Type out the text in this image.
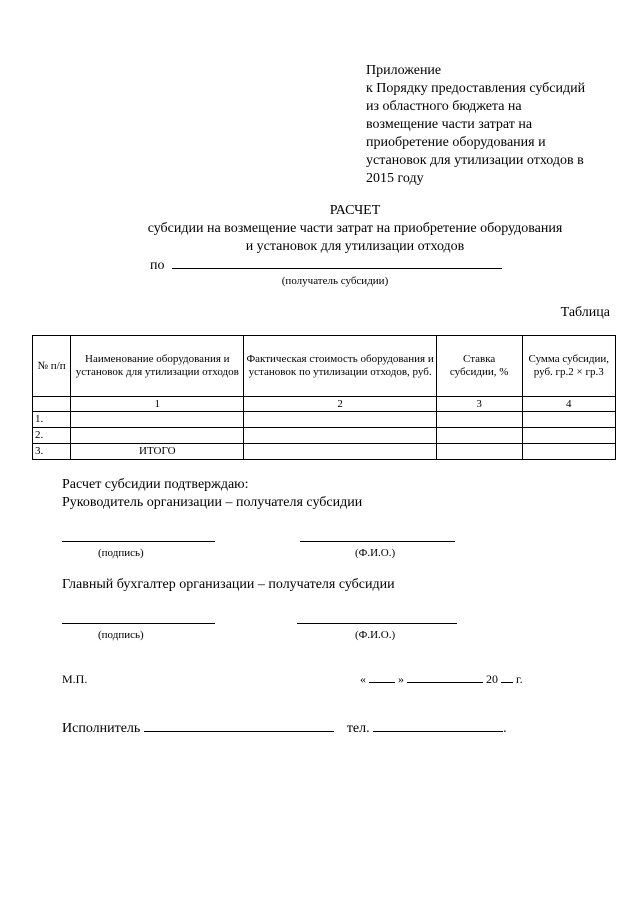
Приложение
к Порядку предоставления субсидий
из областного бюджета на
возмещение части затрат на
приобретение оборудования и
установок для утилизации отходов в
2015 году
РАСЧЕТ
субсидии на возмещение части затрат на приобретение оборудования
и установок для утилизации отходов
по
(получатель субсидии)
Таблица
№ п/п	Наименование оборудования и установок для утилизации отходов	Фактическая стоимость оборудования и установок по утилизации отходов, руб.	Ставка субсидии, %	Сумма субсидии, руб. гр.2 × гр.3
	1	2	3	4
1.				
2.				
3.	ИТОГО			
Расчет субсидии подтверждаю:
Руководитель организации – получателя субсидии
(подпись)	(Ф.И.О.)
Главный бухгалтер организации – получателя субсидии
(подпись)	(Ф.И.О.)
М.П.	«	»	20 г.
Исполнитель	тел.	.
